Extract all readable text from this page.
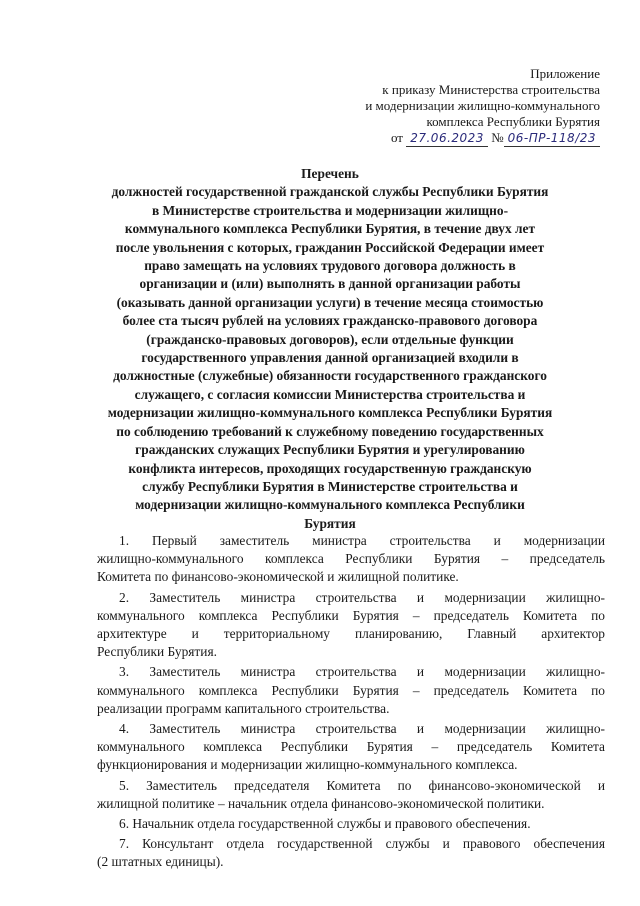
Приложение
к приказу Министерства строительства
и модернизации жилищно-коммунального
комплекса Республики Бурятия
от 27.06.2023 № 06-ПР-118/23
Перечень
должностей государственной гражданской службы Республики Бурятия
в Министерстве строительства и модернизации жилищно-
коммунального комплекса Республики Бурятия, в течение двух лет
после увольнения с которых, гражданин Российской Федерации имеет
право замещать на условиях трудового договора должность в
организации и (или) выполнять в данной организации работы
(оказывать данной организации услуги) в течение месяца стоимостью
более ста тысяч рублей на условиях гражданско-правового договора
(гражданско-правовых договоров), если отдельные функции
государственного управления данной организацией входили в
должностные (служебные) обязанности государственного гражданского
служащего, с согласия комиссии Министерства строительства и
модернизации жилищно-коммунального комплекса Республики Бурятия
по соблюдению требований к служебному поведению государственных
гражданских служащих Республики Бурятия и урегулированию
конфликта интересов, проходящих государственную гражданскую
службу Республики Бурятия в Министерстве строительства и
модернизации жилищно-коммунального комплекса Республики
Бурятия
1. Первый заместитель министра строительства и модернизации
жилищно-коммунального комплекса Республики Бурятия – председатель
Комитета по финансово-экономической и жилищной политике.
2. Заместитель министра строительства и модернизации жилищно-
коммунального комплекса Республики Бурятия – председатель Комитета по
архитектуре и территориальному планированию, Главный архитектор
Республики Бурятия.
3. Заместитель министра строительства и модернизации жилищно-
коммунального комплекса Республики Бурятия – председатель Комитета по
реализации программ капитального строительства.
4. Заместитель министра строительства и модернизации жилищно-
коммунального комплекса Республики Бурятия – председатель Комитета
функционирования и модернизации жилищно-коммунального комплекса.
5. Заместитель председателя Комитета по финансово-экономической и
жилищной политике – начальник отдела финансово-экономической политики.
6. Начальник отдела государственной службы и правового обеспечения.
7. Консультант отдела государственной службы и правового обеспечения
(2 штатных единицы).
